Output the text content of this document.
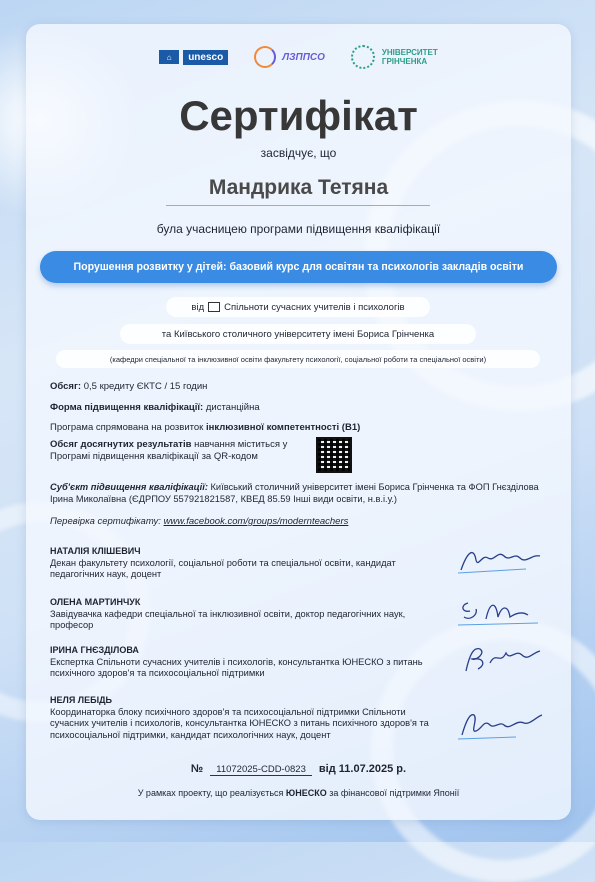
⌂	unesco	ЛЗППСО	УНІВЕРСИТЕТ
ГРІНЧЕНКА
Сертифікат
засвідчує, що
Мандрика Тетяна
була учасницею програми підвищення кваліфікації
Порушення розвитку у дітей: базовий курс для освітян та психологів закладів освіти
від Спільноти сучасних учителів і психологів
та Київського столичного університету імені Бориса Грінченка
(кафедри спеціальної та інклюзивної освіти факультету психології, соціальної роботи та спеціальної освіти)
Обсяг: 0,5 кредиту ЄКТС / 15 годин
Форма підвищення кваліфікації: дистанційна
Програма спрямована на розвиток інклюзивної компетентності (В1)
Обсяг досягнутих результатів навчання міститься у Програмі підвищення кваліфікації за QR-кодом
Суб'єкт підвищення кваліфікації: Київський столичний університет імені Бориса Грінченка та ФОП Гнєзділова Ірина Миколаївна (ЄДРПОУ 557921821587, КВЕД 85.59 Інші види освіти, н.в.і.у.)
Перевірка сертифікату: www.facebook.com/groups/modernteachers
НАТАЛІЯ КЛІШЕВИЧ
Декан факультету психології, соціальної роботи та спеціальної освіти, кандидат педагогічних наук, доцент
ОЛЕНА МАРТИНЧУК
Завідувачка кафедри спеціальної та інклюзивної освіти, доктор педагогічних наук, професор
ІРИНА ГНЄЗДІЛОВА
Експертка Спільноти сучасних учителів і психологів, консультантка ЮНЕСКО з питань психічного здоров'я та психосоціальної підтримки
НЕЛЯ ЛЕБІДЬ
Координаторка блоку психічного здоров'я та психосоціальної підтримки Спільноти сучасних учителів і психологів, консультантка ЮНЕСКО з питань психічного здоров'я та психосоціальної підтримки, кандидат психологічних наук, доцент
№ 11072025-CDD-0823 від 11.07.2025 р.
У рамках проекту, що реалізується ЮНЕСКО за фінансової підтримки Японії
